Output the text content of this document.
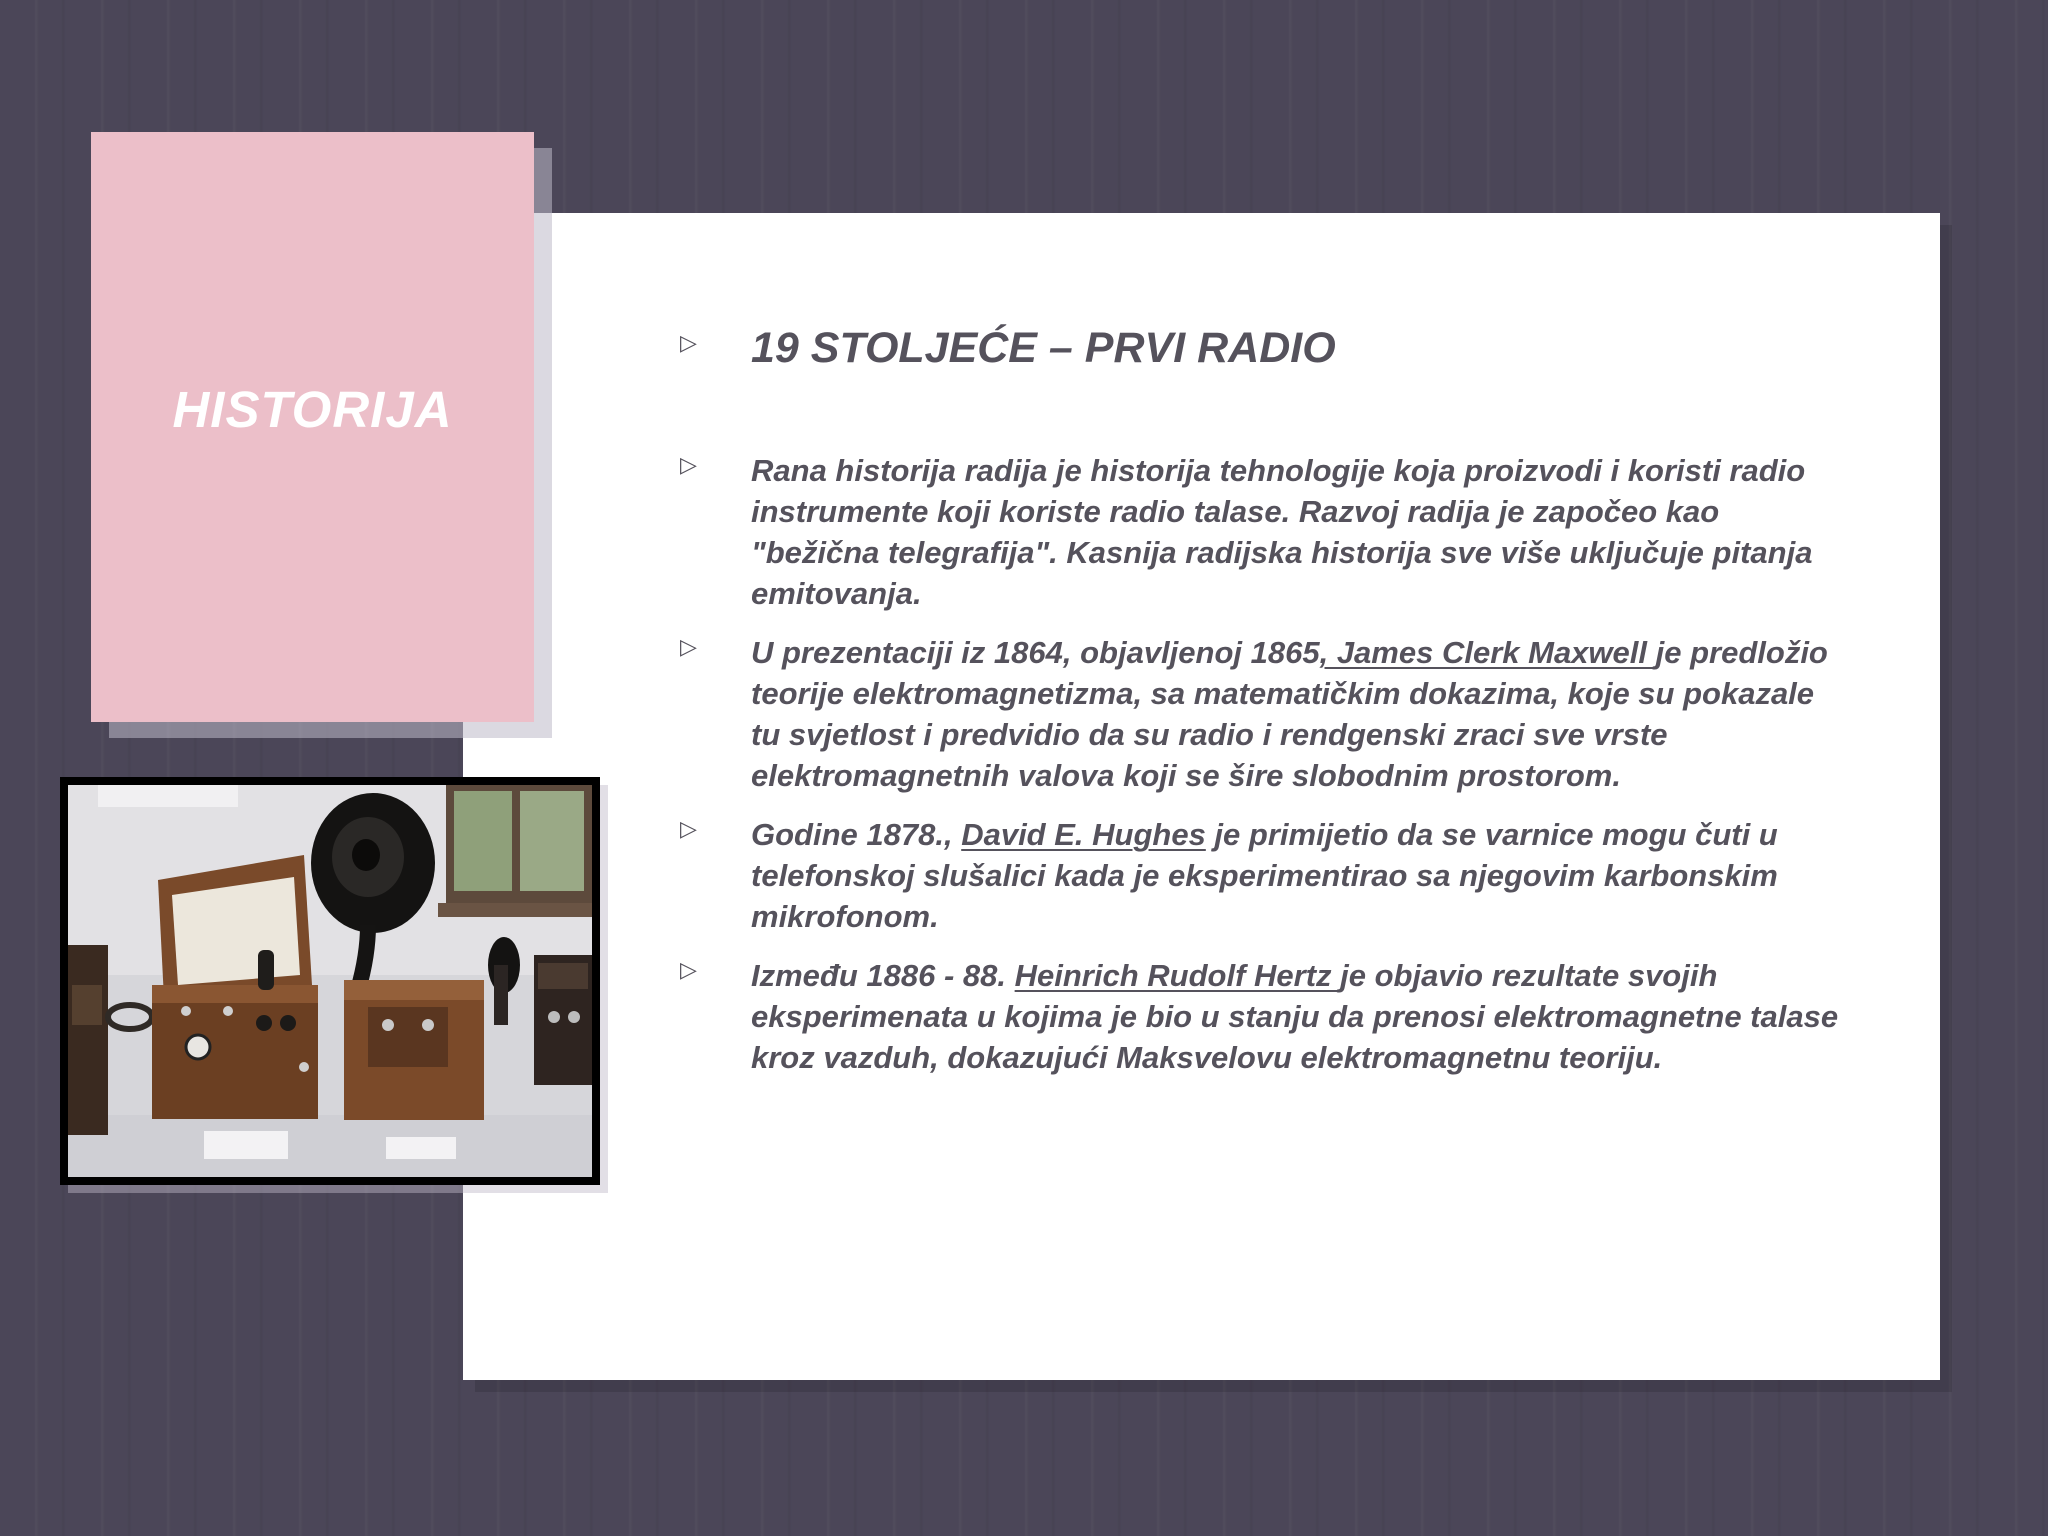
HISTORIJA
▷ 19 STOLJEĆE – PRVI RADIO
▷ Rana historija radija je historija tehnologije koja proizvodi i koristi radio instrumente koji koriste radio talase. Razvoj radija je započeo kao "bežična telegrafija". Kasnija radijska historija sve više uključuje pitanja emitovanja.
▷ U prezentaciji iz 1864, objavljenoj 1865, James Clerk Maxwell je predložio teorije elektromagnetizma, sa matematičkim dokazima, koje su pokazale tu svjetlost i predvidio da su radio i rendgenski zraci sve vrste elektromagnetnih valova koji se šire slobodnim prostorom.
▷ Godine 1878., David E. Hughes je primijetio da se varnice mogu čuti u telefonskoj slušalici kada je eksperimentirao sa njegovim karbonskim mikrofonom.
▷ Između 1886 - 88. Heinrich Rudolf Hertz je objavio rezultate svojih eksperimenata u kojima je bio u stanju da prenosi elektromagnetne talase kroz vazduh, dokazujući Maksvelovu elektromagnetnu teoriju.
